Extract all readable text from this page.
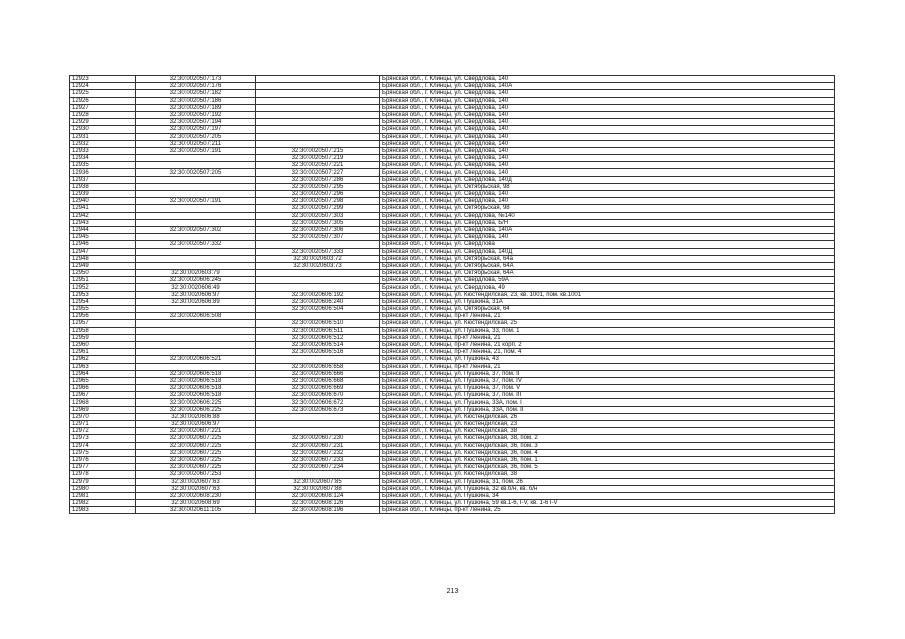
12923	32:30:0020507:173		Брянская обл., г. Клинцы, ул. Свердлова, 140
12924	32:30:0020507:176		Брянская обл., г. Клинцы, ул. Свердлова, 140А
12925	32:30:0020507:182		Брянская обл., г. Клинцы, ул. Свердлова, 140
12926	32:30:0020507:186		Брянская обл., г. Клинцы, ул. Свердлова, 140
12927	32:30:0020507:189		Брянская обл., г. Клинцы, ул. Свердлова, 140
12928	32:30:0020507:192		Брянская обл., г. Клинцы, ул. Свердлова, 140
12929	32:30:0020507:194		Брянская обл., г. Клинцы, ул. Свердлова, 140
12930	32:30:0020507:197		Брянская обл., г. Клинцы, ул. Свердлова, 140
12931	32:30:0020507:205		Брянская обл., г. Клинцы, ул. Свердлова, 140
12932	32:30:0020507:211		Брянская обл., г. Клинцы, ул. Свердлова, 140
12933	32:30:0020507:191	32:30:0020507:215	Брянская обл., г. Клинцы, ул. Свердлова, 140
12934		32:30:0020507:219	Брянская обл., г. Клинцы, ул. Свердлова, 140
12935		32:30:0020507:221	Брянская обл., г. Клинцы, ул. Свердлова, 140
12936	32:30:0020507:205	32:30:0020507:227	Брянская обл., г. Клинцы, ул. Свердлова, 140
12937		32:30:0020507:286	Брянская обл., г. Клинцы, ул. Свердлова, 140д
12938		32:30:0020507:295	Брянская обл., г. Клинцы, ул. Октябрьская, 98
12939		32:30:0020507:296	Брянская обл., г. Клинцы, ул. Свердлова, 140
12940	32:30:0020507:191	32:30:0020507:298	Брянская обл., г. Клинцы, ул. Свердлова, 140
12941		32:30:0020507:299	Брянская обл., г. Клинцы, ул. Октябрьская, 98
12942		32:30:0020507:303	Брянская обл., г. Клинцы, ул. Свердлова, №140
12943		32:30:0020507:305	Брянская обл., г. Клинцы, ул. Свердлова, Б/Н
12944	32:30:0020507:302	32:30:0020507:306	Брянская обл., г. Клинцы, ул. Свердлова, 140А
12945		32:30:0020507:307	Брянская обл., г. Клинцы, ул. Свердлова, 140
12946	32:30:0020507:332		Брянская обл., г. Клинцы, ул. Свердлова
12947		32:30:0020507:333	Брянская обл., г. Клинцы, ул. Свердлова, 140Д
12948		32:30:0020603:72	Брянская обл., г. Клинцы, ул. Октябрьская, 64а
12949		32:30:0020603:73	Брянская обл., г. Клинцы, ул. Октябрьская, 64А
12950	32:30:0020603:79		Брянская обл., г. Клинцы, ул. Октябрьская, 64А
12951	32:30:0020606:245		Брянская обл., г. Клинцы, ул. Свердлова, 59А
12952	32:30:0020606:49		Брянская обл., г. Клинцы, ул. Свердлова, 49
12953	32:30:0020606:97	32:30:0020606:192	Брянская обл., г. Клинцы, ул. Кюстендилская, 23, кв. 1001, пом. кв.1001
12954	32:30:0020606:89	32:30:0020606:240	Брянская обл., г. Клинцы, ул. Пушкина, 31А
12955		32:30:0020606:504	Брянская обл., г. Клинцы, ул. Октябрьская, 64
12956	32:30:0020606:508		Брянская обл., г. Клинцы, пр-кт Ленина, 21
12957		32:30:0020606:510	Брянская обл., г. Клинцы, ул. Кюстендилская, 25
12958		32:30:0020606:511	Брянская обл., г. Клинцы, ул. Пушкина, 33, пом. 1
12959		32:30:0020606:512	Брянская обл., г. Клинцы, пр-кт Ленина, 21
12960		32:30:0020606:514	Брянская обл., г. Клинцы, пр-кт Ленина, 21 корп. 2
12961		32:30:0020606:516	Брянская обл., г. Клинцы, пр-кт Ленина, 21, пом. 4
12962	32:30:0020606:521		Брянская обл., г. Клинцы, ул. Пушкина, 43
12963		32:30:0020606:658	Брянская обл., г. Клинцы, пр-кт Ленина, 21
12964	32:30:0020606:518	32:30:0020606:666	Брянская обл., г. Клинцы, ул. Пушкина, 37, пом. II
12965	32:30:0020606:518	32:30:0020606:668	Брянская обл., г. Клинцы, ул. Пушкина, 37, пом. IV
12966	32:30:0020606:518	32:30:0020606:669	Брянская обл., г. Клинцы, ул. Пушкина, 37, пом. V
12967	32:30:0020606:518	32:30:0020606:670	Брянская обл., г. Клинцы, ул. Пушкина, 37, пом. III
12968	32:30:0020606:225	32:30:0020606:672	Брянская обл., г. Клинцы, ул. Пушкина, 33А, пом. I
12969	32:30:0020606:225	32:30:0020606:673	Брянская обл., г. Клинцы, ул. Пушкина, 33А, пом. II
12970	32:30:0020606:88		Брянская обл., г. Клинцы, ул. Кюстендилская, 26
12971	32:30:0020606:97		Брянская обл., г. Клинцы, ул. Кюстендилская, 23
12972	32:30:0020607:221		Брянская обл., г. Клинцы, ул. Кюстендилская, 38
12973	32:30:0020607:225	32:30:0020607:230	Брянская обл., г. Клинцы, ул. Кюстендилская, 38, пом. 2
12974	32:30:0020607:225	32:30:0020607:231	Брянская обл., г. Клинцы, ул. Кюстендилская, 36, пом. 3
12975	32:30:0020607:225	32:30:0020607:232	Брянская обл., г. Клинцы, ул. Кюстендилская, 36, пом. 4
12976	32:30:0020607:225	32:30:0020607:233	Брянская обл., г. Клинцы, ул. Кюстендилская, 36, пом. 1
12977	32:30:0020607:225	32:30:0020607:234	Брянская обл., г. Клинцы, ул. Кюстендилская, 36, пом. 5
12978	32:30:0020607:253		Брянская обл., г. Клинцы, ул. Кюстендилская, 38
12979	32:30:0020607:63	32:30:0020607:85	Брянская обл., г. Клинцы, ул. Пушкина, 31, пом. 26
12980	32:30:0020607:63	32:30:0020607:88	Брянская обл., г. Клинцы, ул. Пушкина, 32 кв.б/н, кв. б/н
12981	32:30:0020608:230	32:30:0020608:124	Брянская обл., г. Клинцы, ул. Пушкина, 34
12982	32:30:0020608:69	32:30:0020608:126	Брянская обл., г. Клинцы, ул. Пушкина, 59 кв.1-6, I-V, кв. 1-6 I-V
12983	32:30:0020611:105	32:30:0020608:196	Брянская обл., г. Клинцы, пр-кт Ленина, 25
213
